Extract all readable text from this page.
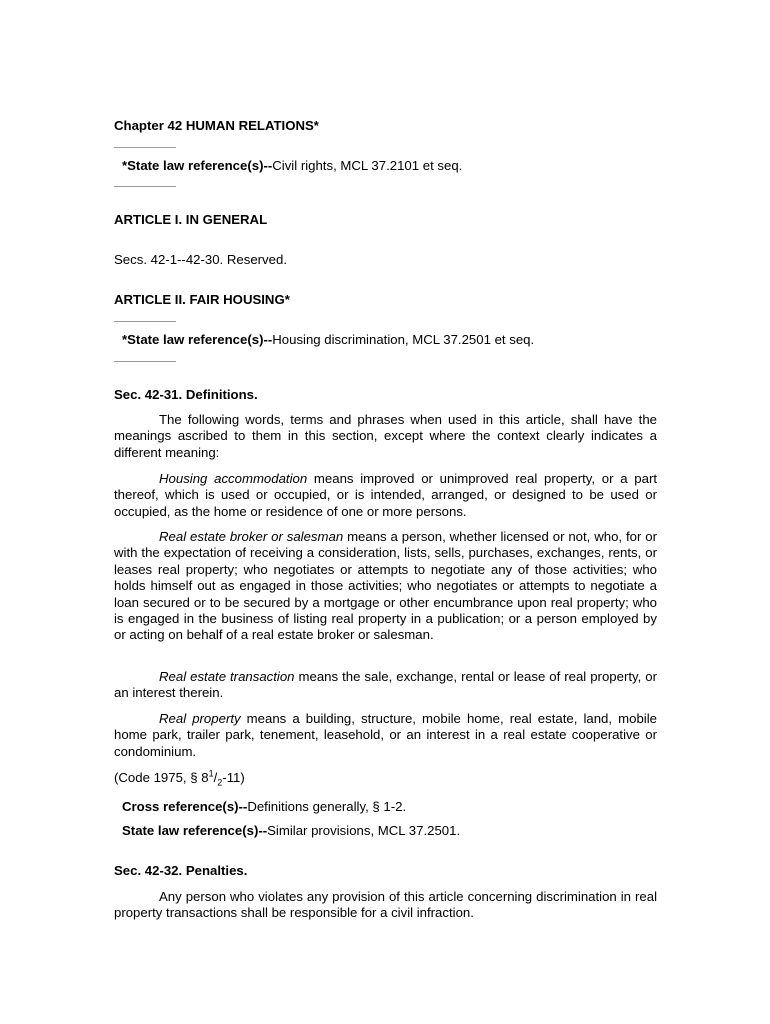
Chapter 42 HUMAN RELATIONS*
*State law reference(s)--Civil rights, MCL 37.2101 et seq.
ARTICLE I. IN GENERAL
Secs. 42-1--42-30. Reserved.
ARTICLE II. FAIR HOUSING*
*State law reference(s)--Housing discrimination, MCL 37.2501 et seq.
Sec. 42-31. Definitions.
The following words, terms and phrases when used in this article, shall have the meanings ascribed to them in this section, except where the context clearly indicates a different meaning:
Housing accommodation means improved or unimproved real property, or a part thereof, which is used or occupied, or is intended, arranged, or designed to be used or occupied, as the home or residence of one or more persons.
Real estate broker or salesman means a person, whether licensed or not, who, for or with the expectation of receiving a consideration, lists, sells, purchases, exchanges, rents, or leases real property; who negotiates or attempts to negotiate any of those activities; who holds himself out as engaged in those activities; who negotiates or attempts to negotiate a loan secured or to be secured by a mortgage or other encumbrance upon real property; who is engaged in the business of listing real property in a publication; or a person employed by or acting on behalf of a real estate broker or salesman.
Real estate transaction means the sale, exchange, rental or lease of real property, or an interest therein.
Real property means a building, structure, mobile home, real estate, land, mobile home park, trailer park, tenement, leasehold, or an interest in a real estate cooperative or condominium.
(Code 1975, § $8^1/_2-11$)
Cross reference(s)--Definitions generally, § 1-2.
State law reference(s)--Similar provisions, MCL 37.2501.
Sec. 42-32. Penalties.
Any person who violates any provision of this article concerning discrimination in real property transactions shall be responsible for a civil infraction.
